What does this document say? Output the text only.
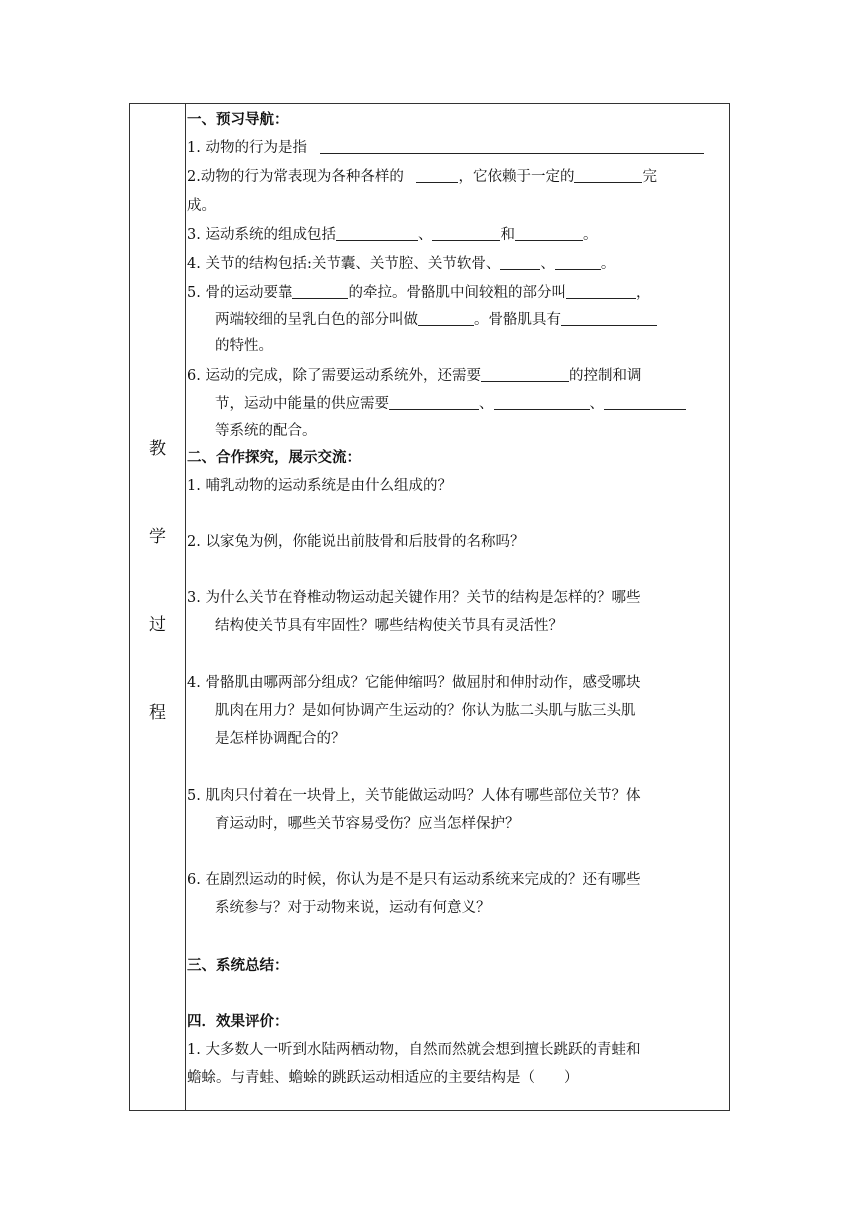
教
学
过
程
一、预习导航：
1. 动物的行为是指
2.动物的行为常表现为各种各样的	，它依赖于一定的	完
成。
3. 运动系统的组成包括	、	和	。
4. 关节的结构包括:关节囊、关节腔、关节软骨、	、	。
5. 骨的运动要靠	的牵拉。骨骼肌中间较粗的部分叫	，
两端较细的呈乳白色的部分叫做	。骨骼肌具有
的特性。
6. 运动的完成，除了需要运动系统外，还需要	的控制和调
节，运动中能量的供应需要	、	、
等系统的配合。
二、合作探究，展示交流：
1. 哺乳动物的运动系统是由什么组成的？
2. 以家兔为例，你能说出前肢骨和后肢骨的名称吗？
3. 为什么关节在脊椎动物运动起关键作用？关节的结构是怎样的？哪些
结构使关节具有牢固性？哪些结构使关节具有灵活性？
4. 骨骼肌由哪两部分组成？它能伸缩吗？做屈肘和伸肘动作，感受哪块
肌肉在用力？是如何协调产生运动的？你认为肱二头肌与肱三头肌
是怎样协调配合的？
5. 肌肉只付着在一块骨上，关节能做运动吗？人体有哪些部位关节？体
育运动时，哪些关节容易受伤？应当怎样保护？
6. 在剧烈运动的时候，你认为是不是只有运动系统来完成的？还有哪些
系统参与？对于动物来说，运动有何意义？
三、系统总结：
四．效果评价：
1. 大多数人一听到水陆两栖动物，自然而然就会想到擅长跳跃的青蛙和
蟾蜍。与青蛙、蟾蜍的跳跃运动相适应的主要结构是（　　）
